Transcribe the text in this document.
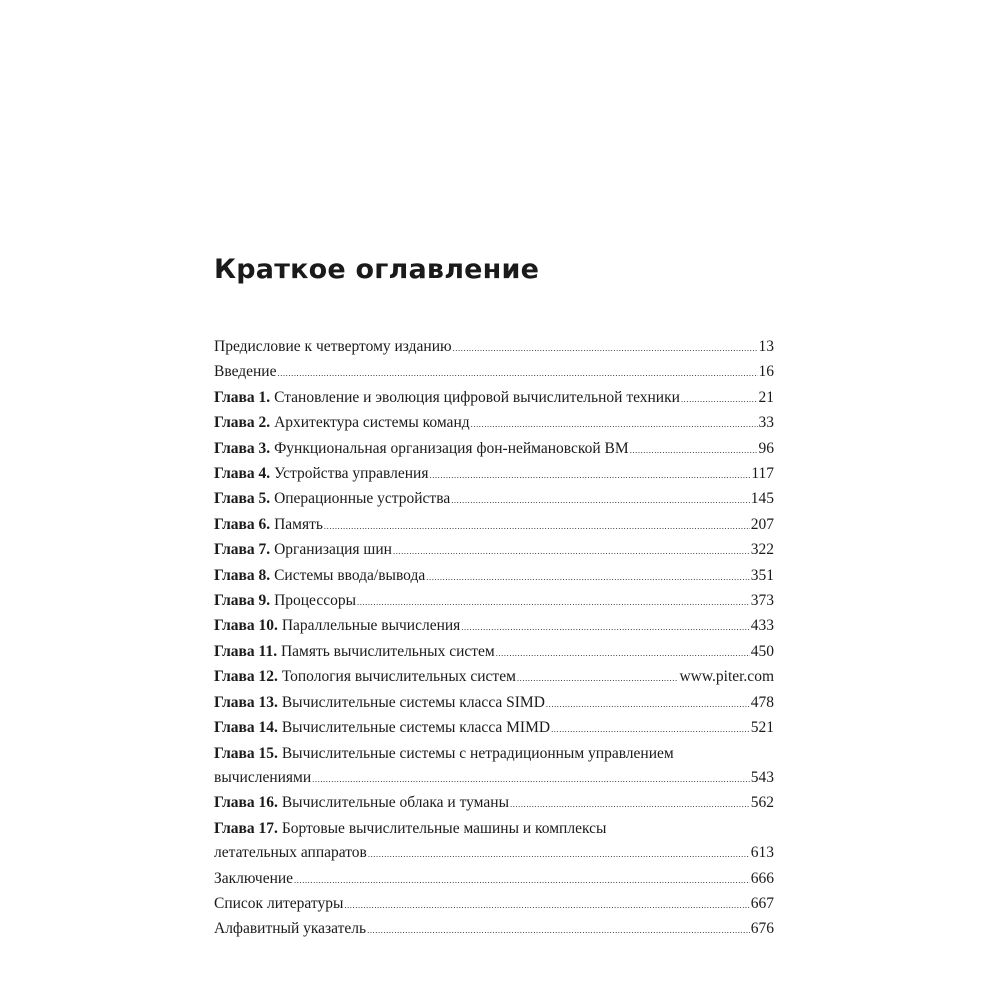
Краткое оглавление
Предисловие к четвертому изданию .....	13
Введение .....	16
Глава 1. Становление и эволюция цифровой вычислительной техники .....	21
Глава 2. Архитектура системы команд .....	33
Глава 3. Функциональная организация фон-неймановской ВМ .....	96
Глава 4. Устройства управления .....	117
Глава 5. Операционные устройства .....	145
Глава 6. Память .....	207
Глава 7. Организация шин .....	322
Глава 8. Системы ввода/вывода .....	351
Глава 9. Процессоры .....	373
Глава 10. Параллельные вычисления .....	433
Глава 11. Память вычислительных систем .....	450
Глава 12. Топология вычислительных систем .....	www.piter.com
Глава 13. Вычислительные системы класса SIMD .....	478
Глава 14. Вычислительные системы класса MIMD .....	521
Глава 15. Вычислительные системы с нетрадиционным управлением
вычислениями .....	543
Глава 16. Вычислительные облака и туманы .....	562
Глава 17. Бортовые вычислительные машины и комплексы
летательных аппаратов .....	613
Заключение .....	666
Список литературы .....	667
Алфавитный указатель .....	676
